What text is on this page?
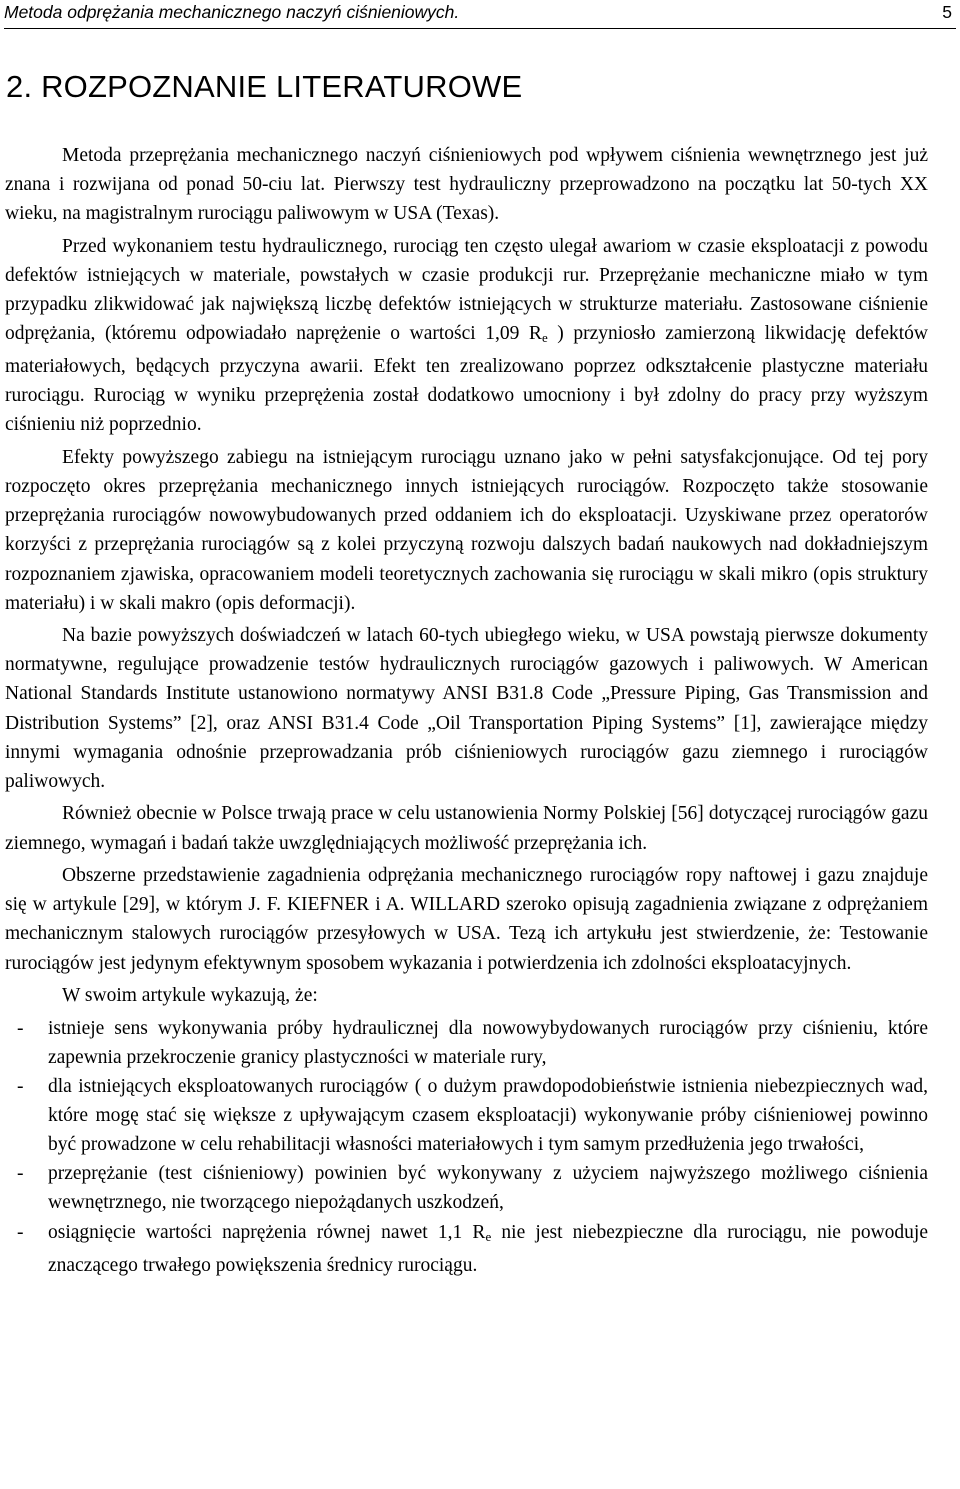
Metoda odprężania mechanicznego naczyń ciśnieniowych.	5
2. ROZPOZNANIE LITERATUROWE

Metoda przeprężania mechanicznego naczyń ciśnieniowych pod wpływem ciśnienia wewnętrznego jest już znana i rozwijana od ponad 50-ciu lat. Pierwszy test hydrauliczny przeprowadzono na początku lat 50-tych XX wieku, na magistralnym rurociągu paliwowym w USA (Texas).

Przed wykonaniem testu hydraulicznego, rurociąg ten często ulegał awariom w czasie eksploatacji z powodu defektów istniejących w materiale, powstałych w czasie produkcji rur. Przeprężanie mechaniczne miało w tym przypadku zlikwidować jak największą liczbę defektów istniejących w strukturze materiału. Zastosowane ciśnienie odprężania, (któremu odpowiadało naprężenie o wartości 1,09 $R_e$ ) przyniosło zamierzoną likwidację defektów materiałowych, będących przyczyna awarii. Efekt ten zrealizowano poprzez odkształcenie plastyczne materiału rurociągu. Rurociąg w wyniku przeprężenia został dodatkowo umocniony i był zdolny do pracy przy wyższym ciśnieniu niż poprzednio.

Efekty powyższego zabiegu na istniejącym rurociągu uznano jako w pełni satysfakcjonujące. Od tej pory rozpoczęto okres przeprężania mechanicznego innych istniejących rurociągów. Rozpoczęto także stosowanie przeprężania rurociągów nowowybudowanych przed oddaniem ich do eksploatacji. Uzyskiwane przez operatorów korzyści z przeprężania rurociągów są z kolei przyczyną rozwoju dalszych badań naukowych nad dokładniejszym rozpoznaniem zjawiska, opracowaniem modeli teoretycznych zachowania się rurociągu w skali mikro (opis struktury materiału) i w skali makro (opis deformacji).

Na bazie powyższych doświadczeń w latach 60-tych ubiegłego wieku, w USA powstają pierwsze dokumenty normatywne, regulujące prowadzenie testów hydraulicznych rurociągów gazowych i paliwowych. W American National Standards Institute ustanowiono normatywy ANSI B31.8 Code „Pressure Piping, Gas Transmission and Distribution Systems” [2], oraz ANSI B31.4 Code „Oil Transportation Piping Systems” [1], zawierające między innymi wymagania odnośnie przeprowadzania prób ciśnieniowych rurociągów gazu ziemnego i rurociągów paliwowych.

Również obecnie w Polsce trwają prace w celu ustanowienia Normy Polskiej [56] dotyczącej rurociągów gazu ziemnego, wymagań i badań także uwzględniających możliwość przeprężania ich.

Obszerne przedstawienie zagadnienia odprężania mechanicznego rurociągów ropy naftowej i gazu znajduje się w artykule [29], w którym J. F. KIEFNER i A. WILLARD szeroko opisują zagadnienia związane z odprężaniem mechanicznym stalowych rurociągów przesyłowych w USA. Tezą ich artykułu jest stwierdzenie, że: Testowanie rurociągów jest jedynym efektywnym sposobem wykazania i potwierdzenia ich zdolności eksploatacyjnych.

W swoim artykule wykazują, że:

- istnieje sens wykonywania próby hydraulicznej dla nowowybydowanych rurociągów przy ciśnieniu, które zapewnia przekroczenie granicy plastyczności w materiale rury,
- dla istniejących eksploatowanych rurociągów ( o dużym prawdopodobieństwie istnienia niebezpiecznych wad, które mogę stać się większe z upływającym czasem eksploatacji) wykonywanie próby ciśnieniowej powinno być prowadzone w celu rehabilitacji własności materiałowych i tym samym przedłużenia jego trwałości,
- przeprężanie (test ciśnieniowy) powinien być wykonywany z użyciem najwyższego możliwego ciśnienia wewnętrznego, nie tworzącego niepożądanych uszkodzeń,
- osiągnięcie wartości naprężenia równej nawet 1,1 $R_e$ nie jest niebezpieczne dla rurociągu, nie powoduje znaczącego trwałego powiększenia średnicy rurociągu.
